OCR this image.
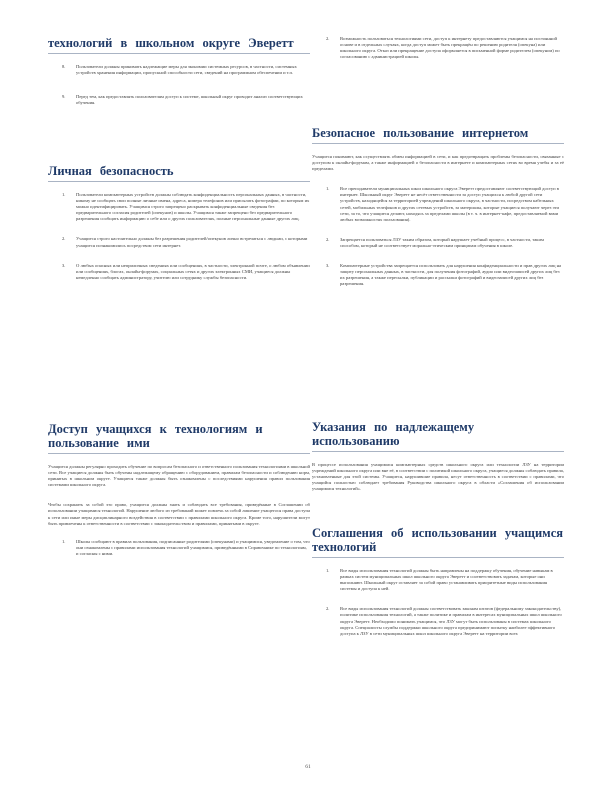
технологий в школьном округе Эверетт
8. Пользователи должны принимать надлежащие меры для экономии системных ресурсов, в частности, системных устройств хранения информации, пропускной способности сети, сведений на программном обеспечении и т.п.
9. Перед тем, как предоставлять пользователям доступ к системе, школьный округ проводит анализ соответствующих обучения.
Личная безопасность
1. Пользователи компьютерных устройств должны соблюдать конфиденциальность персональных данных, в частности, никому не сообщать свои полные личные имена, адреса, номера телефонов или присылать фотографии, по которым их можно идентифицировать. Учащимся строго запрещено раскрывать конфиденциальные сведения без предварительного согласия родителей (опекунов) и школы. Учащимся также запрещено без предварительного разрешения сообщать информацию о себе или о других пользователях, полные персональные данные других лиц.
2. Учащиеся строго настоятельно должны без разрешения родителей/опекунов лично встречаться с людьми, с которыми учащиеся познакомились посредством сети интернет.
3. О любых опасных или неприличных сведениях или сообщениях, в частности, электронной почте, о любом объявлении или сообщениях, блогах, онлайн-форумах, социальных сетях и других электронных СМИ, учащиеся должны немедленно сообщать администратору, учителю или сотруднику службы безопасности.
Доступ учащихся к технологиям и пользование ими

Учащиеся должны регулярно проходить обучение по вопросам безопасного и ответственного пользования технологиями в школьной сети. Все учащиеся должны быть обучены надлежащему обращению с оборудованием, правилам безопасности и соблюдению норм, принятых в школьном округе. Учащиеся также должны быть ознакомлены с последствиями нарушения правил пользования системами школьного округа.

Чтобы сохранить за собой это право, учащиеся должны знать и соблюдать все требования, приведённые в Соглашении об использовании учащимися технологий. Нарушение любого из требований может повлечь за собой лишение учащегося права доступа к сети или иные меры дисциплинарного воздействия в соответствии с правилами школьного округа. Кроме того, нарушители могут быть привлечены к ответственности в соответствии с законодательством и правилами, принятыми в округе.

1. Школы сообщают в правила пользования, подписанные родителями (опекунами) и учащимися, уведомление о том, что они ознакомлены с правилами использования технологий учащимися, приведёнными в Справочнике по технологиям, и согласны с ними.
2. Возможность пользоваться технологиями сети, доступ к интернету предоставляются учащимся на постоянной основе и в отдельных случаях, когда доступ может быть прекращён по решению родителя (опекуна) или школьного округа. Отказ или прекращение доступа оформляется в письменной форме родителем (опекуном) по согласованию с администрацией школы.
Безопасное пользование интернетом

Учащиеся понимают, как осуществлять обмен информацией в сети, и как предотвращать проблемы безопасности, связанные с доступом к онлайн-форумам, а также информацией о безопасности в интернете и компьютерных сетях во время учебы и за её пределами.

1. Все преподаватели муниципальных школ школьного округа Эверетт предоставляют соответствующий доступ в интернет. Школьный округ Эверетт не несёт ответственности за доступ учащихся к любой другой сети устройств, находящейся за территорией учреждений школьного округа, в частности, посредством кабельных сетей, мобильных телефонов и других сетевых устройств, за материалы, которые учащиеся получают через эти сети, за то, что учащиеся делают, находясь за пределами школы (в т. ч. в интернет-кафе, предоставляемой вами любых возможностях пользования).
2. Запрещается пользоваться ЛЗУ таким образом, который нарушает учебный процесс, в частности, таким способом, который не соответствует морально-этическим принципам обучения в школе.
3. Компьютерные устройства запрещается использовать для нарушения конфиденциальности и прав других лиц на защиту персональных данных, в частности, для получения фотографий, аудио или видеозаписей других лиц без их разрешения, а также пересылки, публикации и рассылки фотографий и видеозаписей других лиц без разрешения.
Указания по надлежащему использованию

В процессе использования учащимися компьютерных средств школьного округа или технологии ЛЗУ на территории учреждений школьного округа или вне её, в соответствии с политикой школьного округа, учащиеся должны соблюдать правила, установленные для этой системы. Учащиеся, нарушившие правила, несут ответственность в соответствии с правилами, что учащийся полностью соблюдает требования Руководства школьного округа в области «Соглашения об использовании учащимися технологий».

Соглашения об использовании учащимся технологий
1. Все виды использования технологий должны быть направлены на поддержку обучения, обучение навыкам в рамках систем муниципальных школ школьного округа Эверетт и соответствовать задачам, которые они выполняют. Школьный округ оставляет за собой право устанавливать приоритетные виды использования системы и доступа к ней.
2. Все виды использования технологий должны соответствовать законам штатов (федеральному законодательству), политике использования технологий, а также политике и правилам в интересах муниципальных школ школьного округа Эверетт. Необходимо понимать учащимся, что ЛЗУ могут быть использованы в системах школьного округа. Специалисты службы поддержки школьного округа предпринимают попытку наиболее эффективного доступа к ЛЗУ в сети муниципальных школ школьного округа Эверетт на территории всех
61
